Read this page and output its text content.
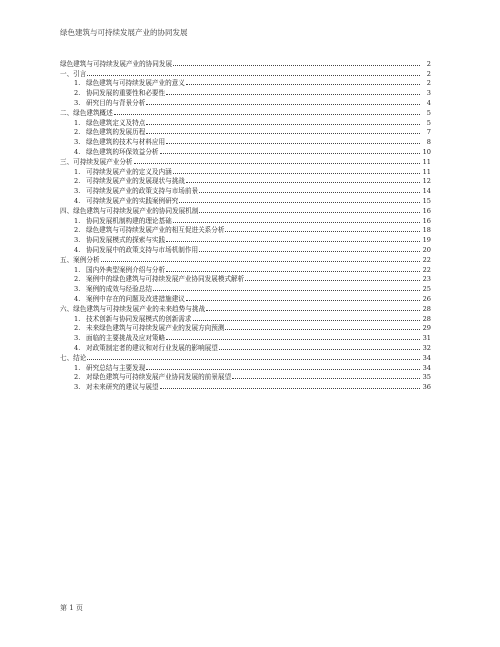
绿色建筑与可持续发展产业的协同发展
绿色建筑与可持续发展产业的协同发展	2
一、引言	2
1. 绿色建筑与可持续发展产业的意义	2
2. 协同发展的重要性和必要性	3
3. 研究目的与背景分析	4
二、绿色建筑概述	5
1. 绿色建筑定义及特点	5
2. 绿色建筑的发展历程	7
3. 绿色建筑的技术与材料应用	8
4. 绿色建筑的环保效益分析	10
三、可持续发展产业分析	11
1. 可持续发展产业的定义及内涵	11
2. 可持续发展产业的发展现状与挑战	12
3. 可持续发展产业的政策支持与市场前景	14
4. 可持续发展产业的实践案例研究	15
四、绿色建筑与可持续发展产业的协同发展机制	16
1. 协同发展机制构建的理论基础	16
2. 绿色建筑与可持续发展产业的相互促进关系分析	18
3. 协同发展模式的探索与实践	19
4. 协同发展中的政策支持与市场机制作用	20
五、案例分析	22
1. 国内外典型案例介绍与分析	22
2. 案例中的绿色建筑与可持续发展产业协同发展模式解析	23
3. 案例的成效与经验总结	25
4. 案例中存在的问题及改进措施建议	26
六、绿色建筑与可持续发展产业的未来趋势与挑战	28
1. 技术创新与协同发展模式的创新需求	28
2. 未来绿色建筑与可持续发展产业的发展方向预测	29
3. 面临的主要挑战及应对策略	31
4. 对政策制定者的建议和对行业发展的影响展望	32
七、结论	34
1. 研究总结与主要发现	34
2. 对绿色建筑与可持续发展产业协同发展的前景展望	35
3. 对未来研究的建议与展望	36
第 1 页
